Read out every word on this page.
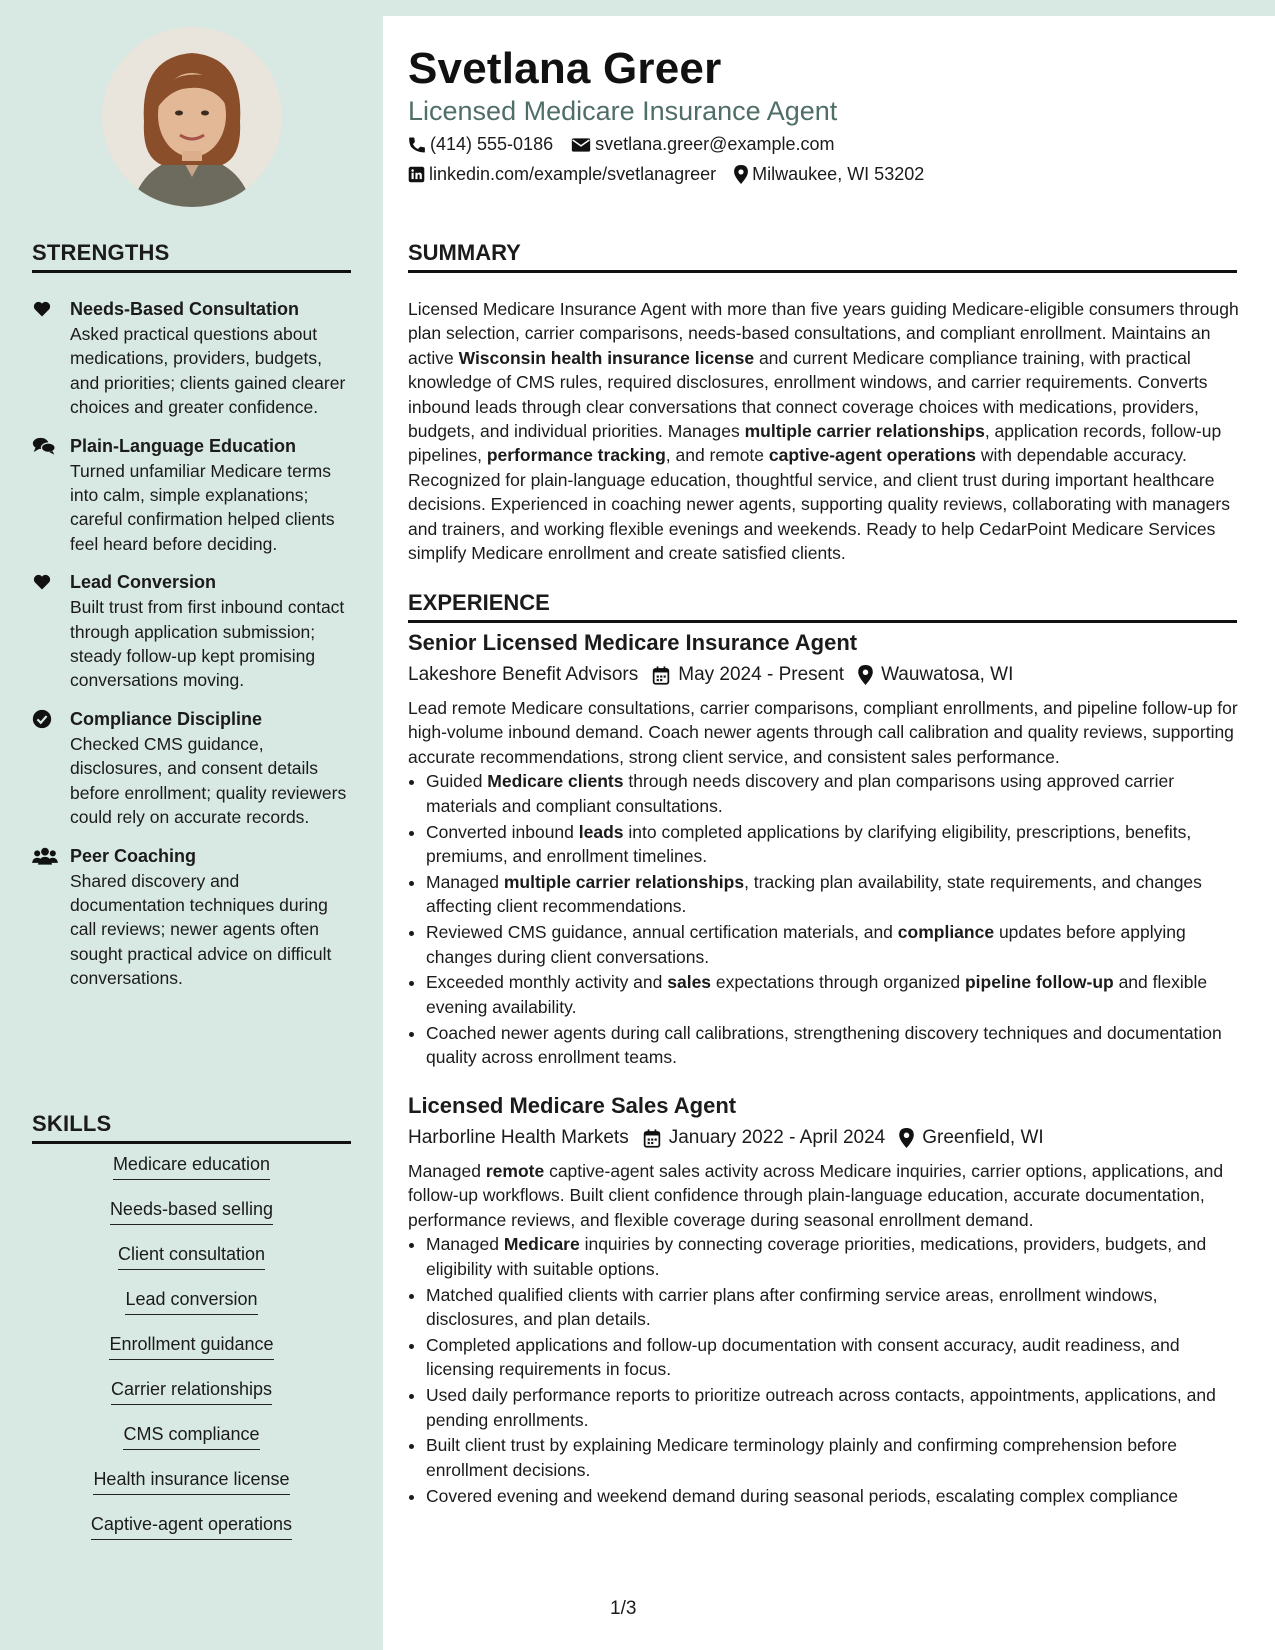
STRENGTHS
Needs-Based Consultation
Asked practical questions about medications, providers, budgets, and priorities; clients gained clearer choices and greater confidence.
Plain-Language Education
Turned unfamiliar Medicare terms into calm, simple explanations; careful confirmation helped clients feel heard before deciding.
Lead Conversion
Built trust from first inbound contact through application submission; steady follow-up kept promising conversations moving.
Compliance Discipline
Checked CMS guidance, disclosures, and consent details before enrollment; quality reviewers could rely on accurate records.
Peer Coaching
Shared discovery and documentation techniques during call reviews; newer agents often sought practical advice on difficult conversations.
SKILLS
Medicare education
Needs-based selling
Client consultation
Lead conversion
Enrollment guidance
Carrier relationships
CMS compliance
Health insurance license
Captive-agent operations
Svetlana Greer
Licensed Medicare Insurance Agent
(414) 555-0186 svetlana.greer@example.com
linkedin.com/example/svetlanagreer Milwaukee, WI 53202
SUMMARY
Licensed Medicare Insurance Agent with more than five years guiding Medicare-eligible consumers through plan selection, carrier comparisons, needs-based consultations, and compliant enrollment. Maintains an active Wisconsin health insurance license and current Medicare compliance training, with practical knowledge of CMS rules, required disclosures, enrollment windows, and carrier requirements. Converts inbound leads through clear conversations that connect coverage choices with medications, providers, budgets, and individual priorities. Manages multiple carrier relationships, application records, follow-up pipelines, performance tracking, and remote captive-agent operations with dependable accuracy. Recognized for plain-language education, thoughtful service, and client trust during important healthcare decisions. Experienced in coaching newer agents, supporting quality reviews, collaborating with managers and trainers, and working flexible evenings and weekends. Ready to help CedarPoint Medicare Services simplify Medicare enrollment and create satisfied clients.
EXPERIENCE
Senior Licensed Medicare Insurance Agent
Lakeshore Benefit Advisors May 2024 - Present Wauwatosa, WI
Lead remote Medicare consultations, carrier comparisons, compliant enrollments, and pipeline follow-up for high-volume inbound demand. Coach newer agents through call calibration and quality reviews, supporting accurate recommendations, strong client service, and consistent sales performance.
• Guided Medicare clients through needs discovery and plan comparisons using approved carrier materials and compliant consultations.
• Converted inbound leads into completed applications by clarifying eligibility, prescriptions, benefits, premiums, and enrollment timelines.
• Managed multiple carrier relationships, tracking plan availability, state requirements, and changes affecting client recommendations.
• Reviewed CMS guidance, annual certification materials, and compliance updates before applying changes during client conversations.
• Exceeded monthly activity and sales expectations through organized pipeline follow-up and flexible evening availability.
• Coached newer agents during call calibrations, strengthening discovery techniques and documentation quality across enrollment teams.
Licensed Medicare Sales Agent
Harborline Health Markets January 2022 - April 2024 Greenfield, WI
Managed remote captive-agent sales activity across Medicare inquiries, carrier options, applications, and follow-up workflows. Built client confidence through plain-language education, accurate documentation, performance reviews, and flexible coverage during seasonal enrollment demand.
• Managed Medicare inquiries by connecting coverage priorities, medications, providers, budgets, and eligibility with suitable options.
• Matched qualified clients with carrier plans after confirming service areas, enrollment windows, disclosures, and plan details.
• Completed applications and follow-up documentation with consent accuracy, audit readiness, and licensing requirements in focus.
• Used daily performance reports to prioritize outreach across contacts, appointments, applications, and pending enrollments.
• Built client trust by explaining Medicare terminology plainly and confirming comprehension before enrollment decisions.
• Covered evening and weekend demand during seasonal periods, escalating complex compliance
1/3
